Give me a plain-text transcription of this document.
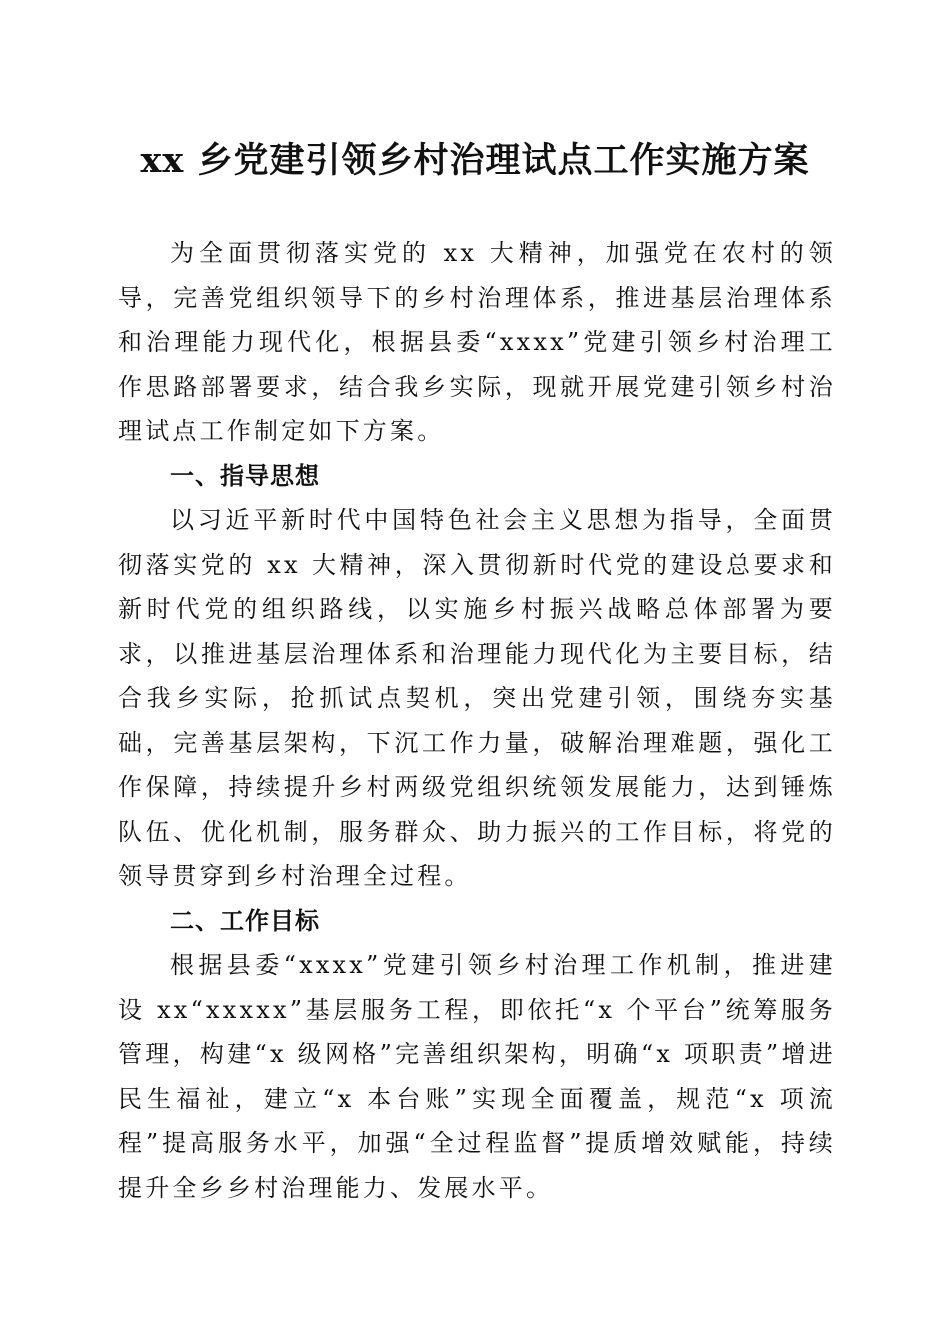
xx 乡党建引领乡村治理试点工作实施方案

为全面贯彻落实党的 xx 大精神，加强党在农村的领导，完善党组织领导下的乡村治理体系，推进基层治理体系和治理能力现代化，根据县委“xxxx”党建引领乡村治理工作思路部署要求，结合我乡实际，现就开展党建引领乡村治理试点工作制定如下方案。

一、指导思想

以习近平新时代中国特色社会主义思想为指导，全面贯彻落实党的 xx 大精神，深入贯彻新时代党的建设总要求和新时代党的组织路线，以实施乡村振兴战略总体部署为要求，以推进基层治理体系和治理能力现代化为主要目标，结合我乡实际，抢抓试点契机，突出党建引领，围绕夯实基础，完善基层架构，下沉工作力量，破解治理难题，强化工作保障，持续提升乡村两级党组织统领发展能力，达到锤炼队伍、优化机制，服务群众、助力振兴的工作目标，将党的领导贯穿到乡村治理全过程。

二、工作目标

根据县委“xxxx”党建引领乡村治理工作机制，推进建设 xx“xxxxx”基层服务工程，即依托“x 个平台”统筹服务管理，构建“x 级网格”完善组织架构，明确“x 项职责”增进民生福祉，建立“x 本台账”实现全面覆盖，规范“x 项流程”提高服务水平，加强“全过程监督”提质增效赋能，持续提升全乡乡村治理能力、发展水平。
